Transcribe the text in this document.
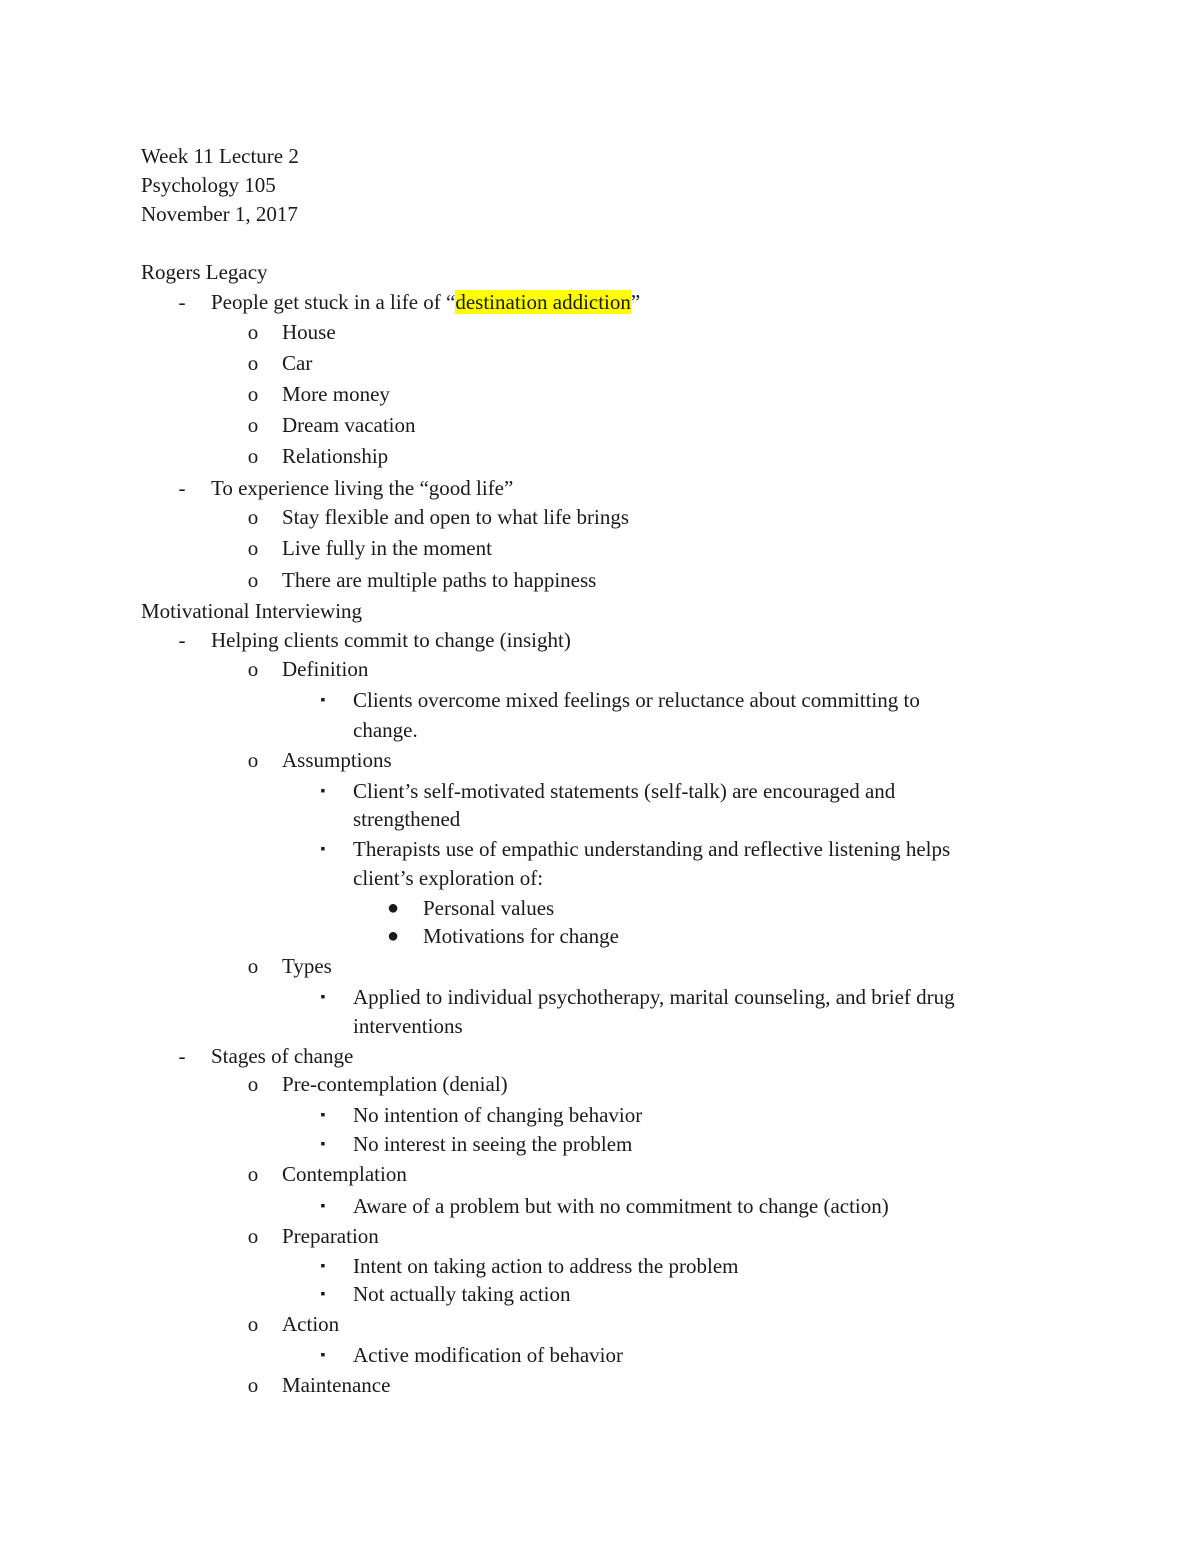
Week 11 Lecture 2
Psychology 105
November 1, 2017
Rogers Legacy
-	People get stuck in a life of “destination addiction”
o	House
o	Car
o	More money
o	Dream vacation
o	Relationship
-	To experience living the “good life”
o	Stay flexible and open to what life brings
o	Live fully in the moment
o	There are multiple paths to happiness
Motivational Interviewing
-	Helping clients commit to change (insight)
o	Definition
▪	Clients overcome mixed feelings or reluctance about committing to
change.
o	Assumptions
▪	Client’s self-motivated statements (self-talk) are encouraged and
strengthened
▪	Therapists use of empathic understanding and reflective listening helps
client’s exploration of:
● Personal values
● Motivations for change
o	Types
▪	Applied to individual psychotherapy, marital counseling, and brief drug
interventions
-	Stages of change
o	Pre-contemplation (denial)
▪	No intention of changing behavior
▪	No interest in seeing the problem
o	Contemplation
▪	Aware of a problem but with no commitment to change (action)
o	Preparation
▪	Intent on taking action to address the problem
▪	Not actually taking action
o	Action
▪	Active modification of behavior
o	Maintenance
